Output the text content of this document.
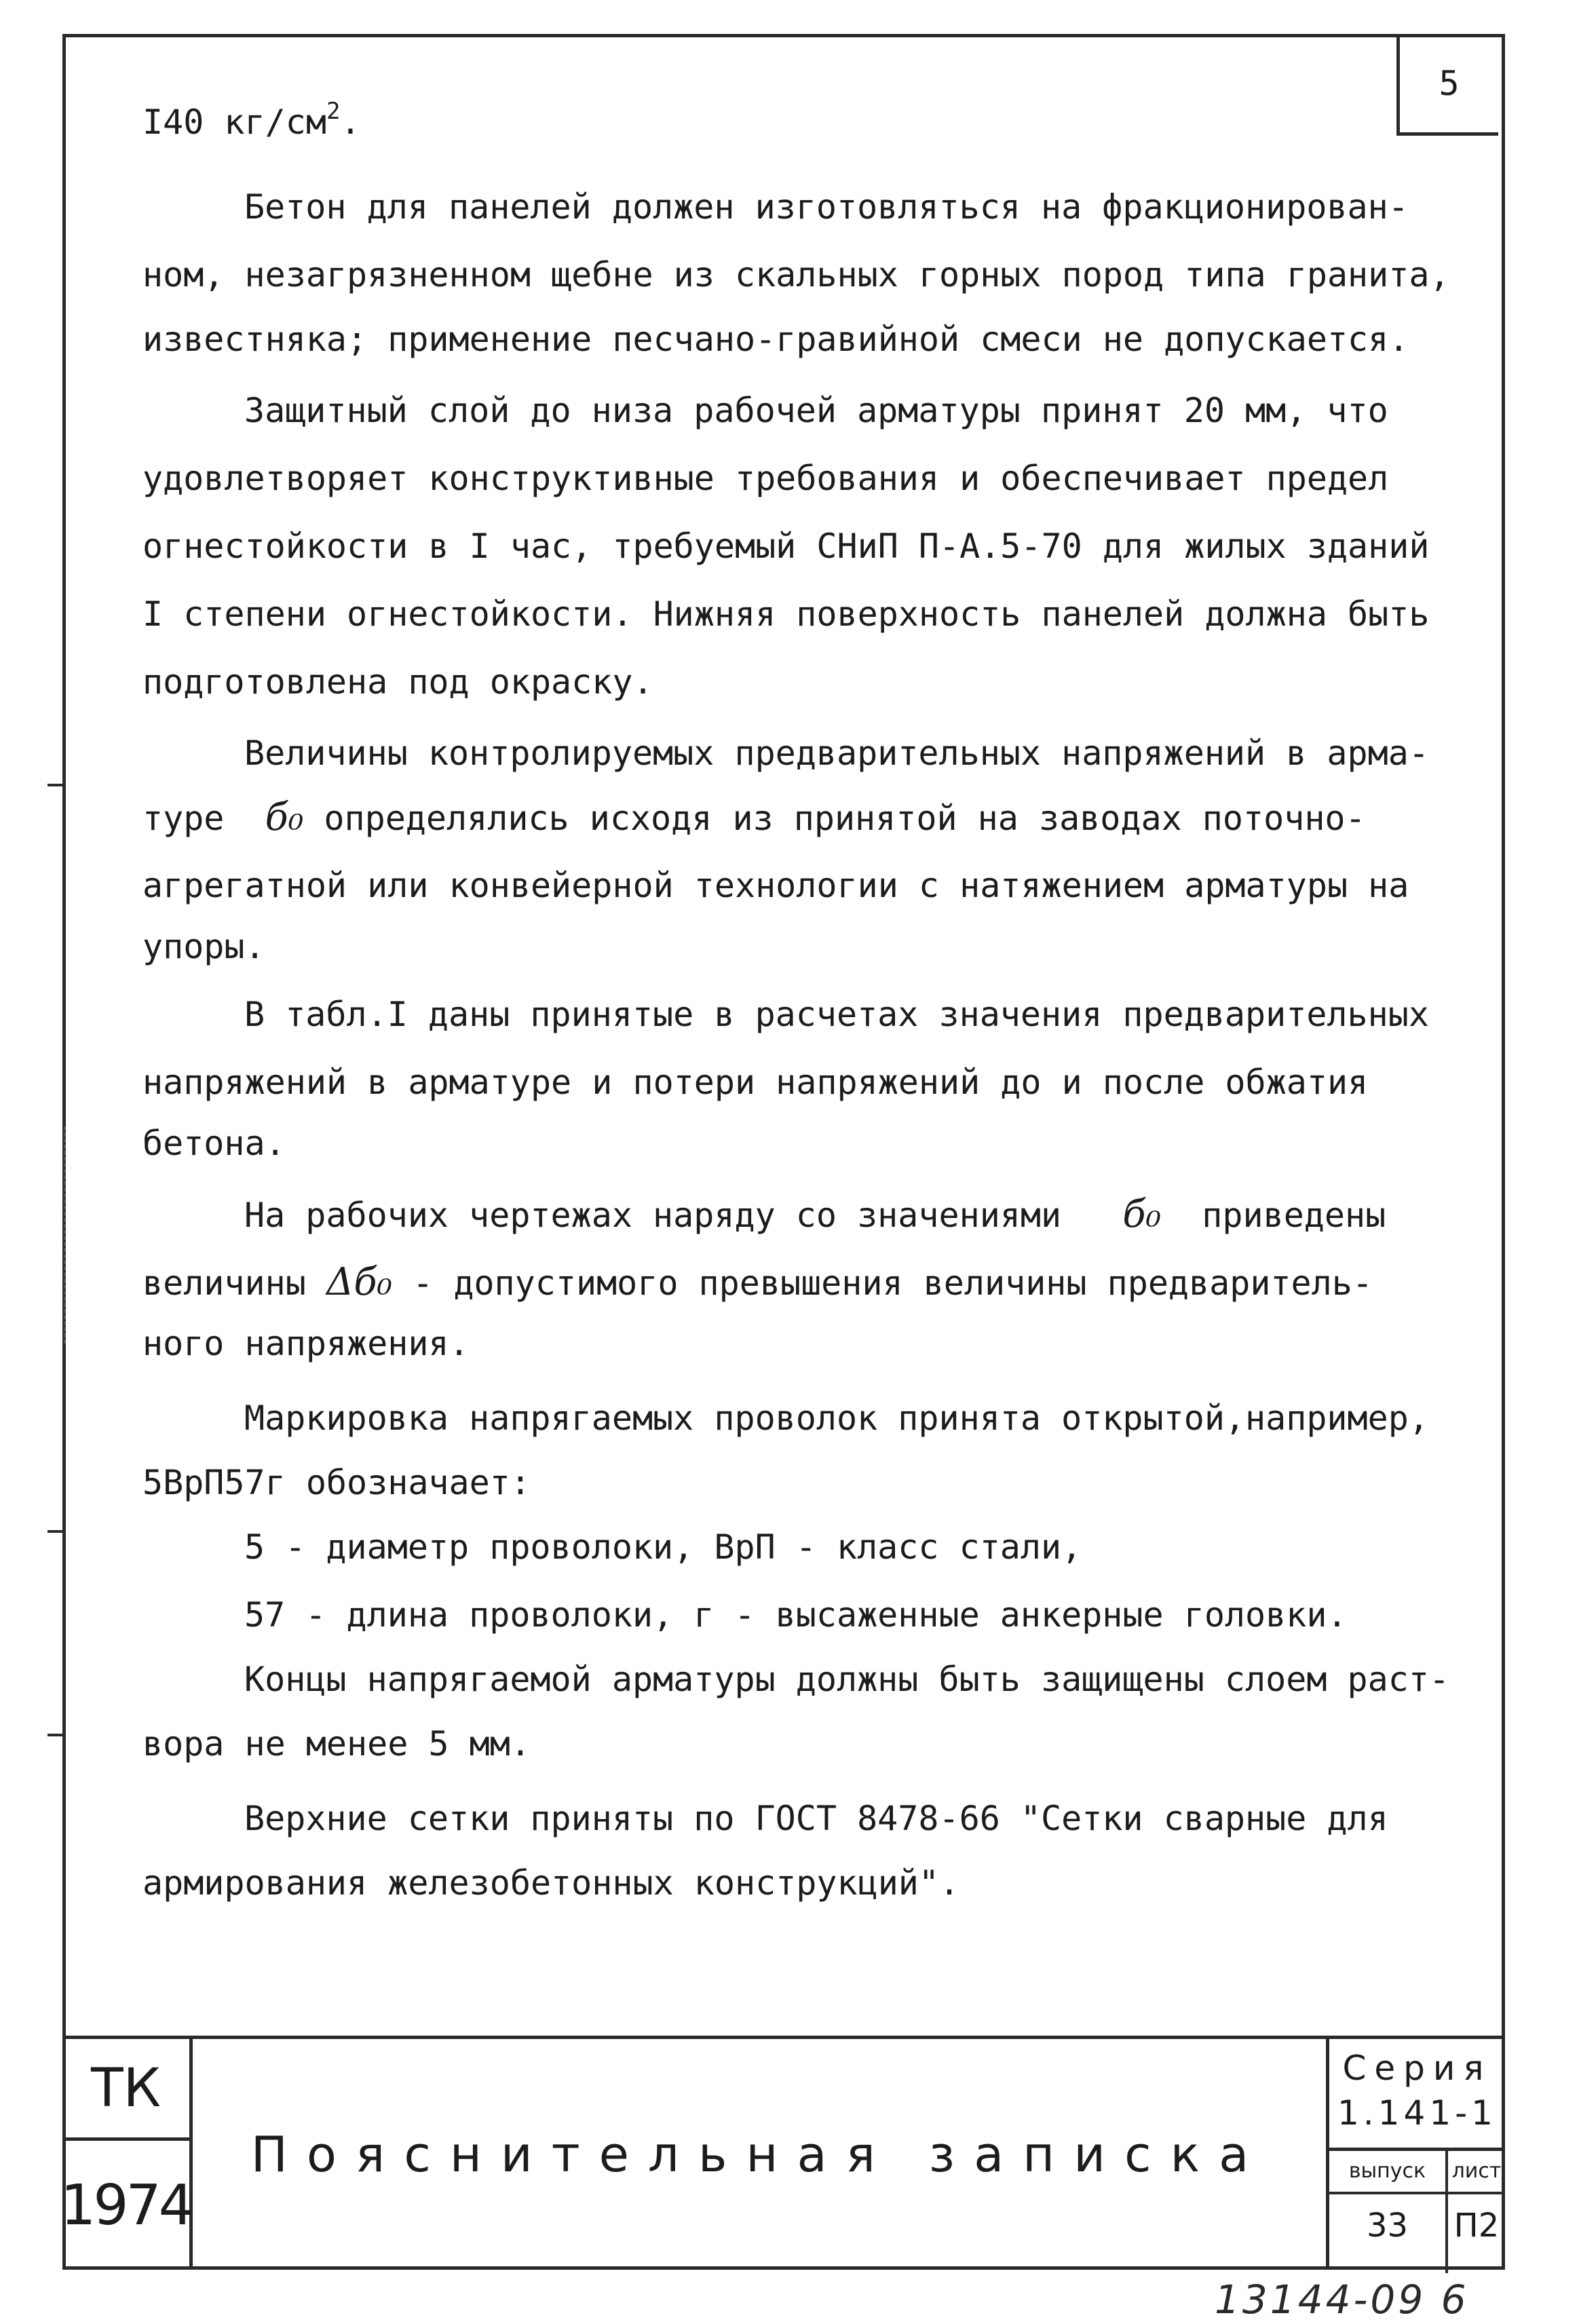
5
I40 $кг/см^2$.
Бетон для панелей должен изготовляться на фракционирован-
ном, незагрязненном щебне из скальных горных пород типа гранита,
известняка; применение песчано-гравийной смеси не допускается.
Защитный слой до низа рабочей арматуры принят 20 мм, что
удовлетворяет конструктивные требования и обеспечивает предел
огнестойкости в I час, требуемый СНиП П-А.5-70 для жилых зданий
I степени огнестойкости. Нижняя поверхность панелей должна быть
подготовлена под окраску.
Величины контролируемых предварительных напряжений в арма-
туре б₀ определялись исходя из принятой на заводах поточно-
агрегатной или конвейерной технологии с натяжением арматуры на
упоры.
В табл.I даны принятые в расчетах значения предварительных
напряжений в арматуре и потери напряжений до и после обжатия
бетона.
На рабочих чертежах наряду со значениями б₀ приведены
величины Δб₀ - допустимого превышения величины предваритель-
ного напряжения.
Маркировка напрягаемых проволок принята открытой,например,
5ВрП57г обозначает:
5 - диаметр проволоки, ВрП - класс стали,
57 - длина проволоки, г - высаженные анкерные головки.
Концы напрягаемой арматуры должны быть защищены слоем раст-
вора не менее 5 мм.
Верхние сетки приняты по ГОСТ 8478-66 "Сетки сварные для
армирования железобетонных конструкций".
ТК
1974
Пояснительная записка
Серия
1.141-1
выпуск
33
лист
П2
13144-09 6
